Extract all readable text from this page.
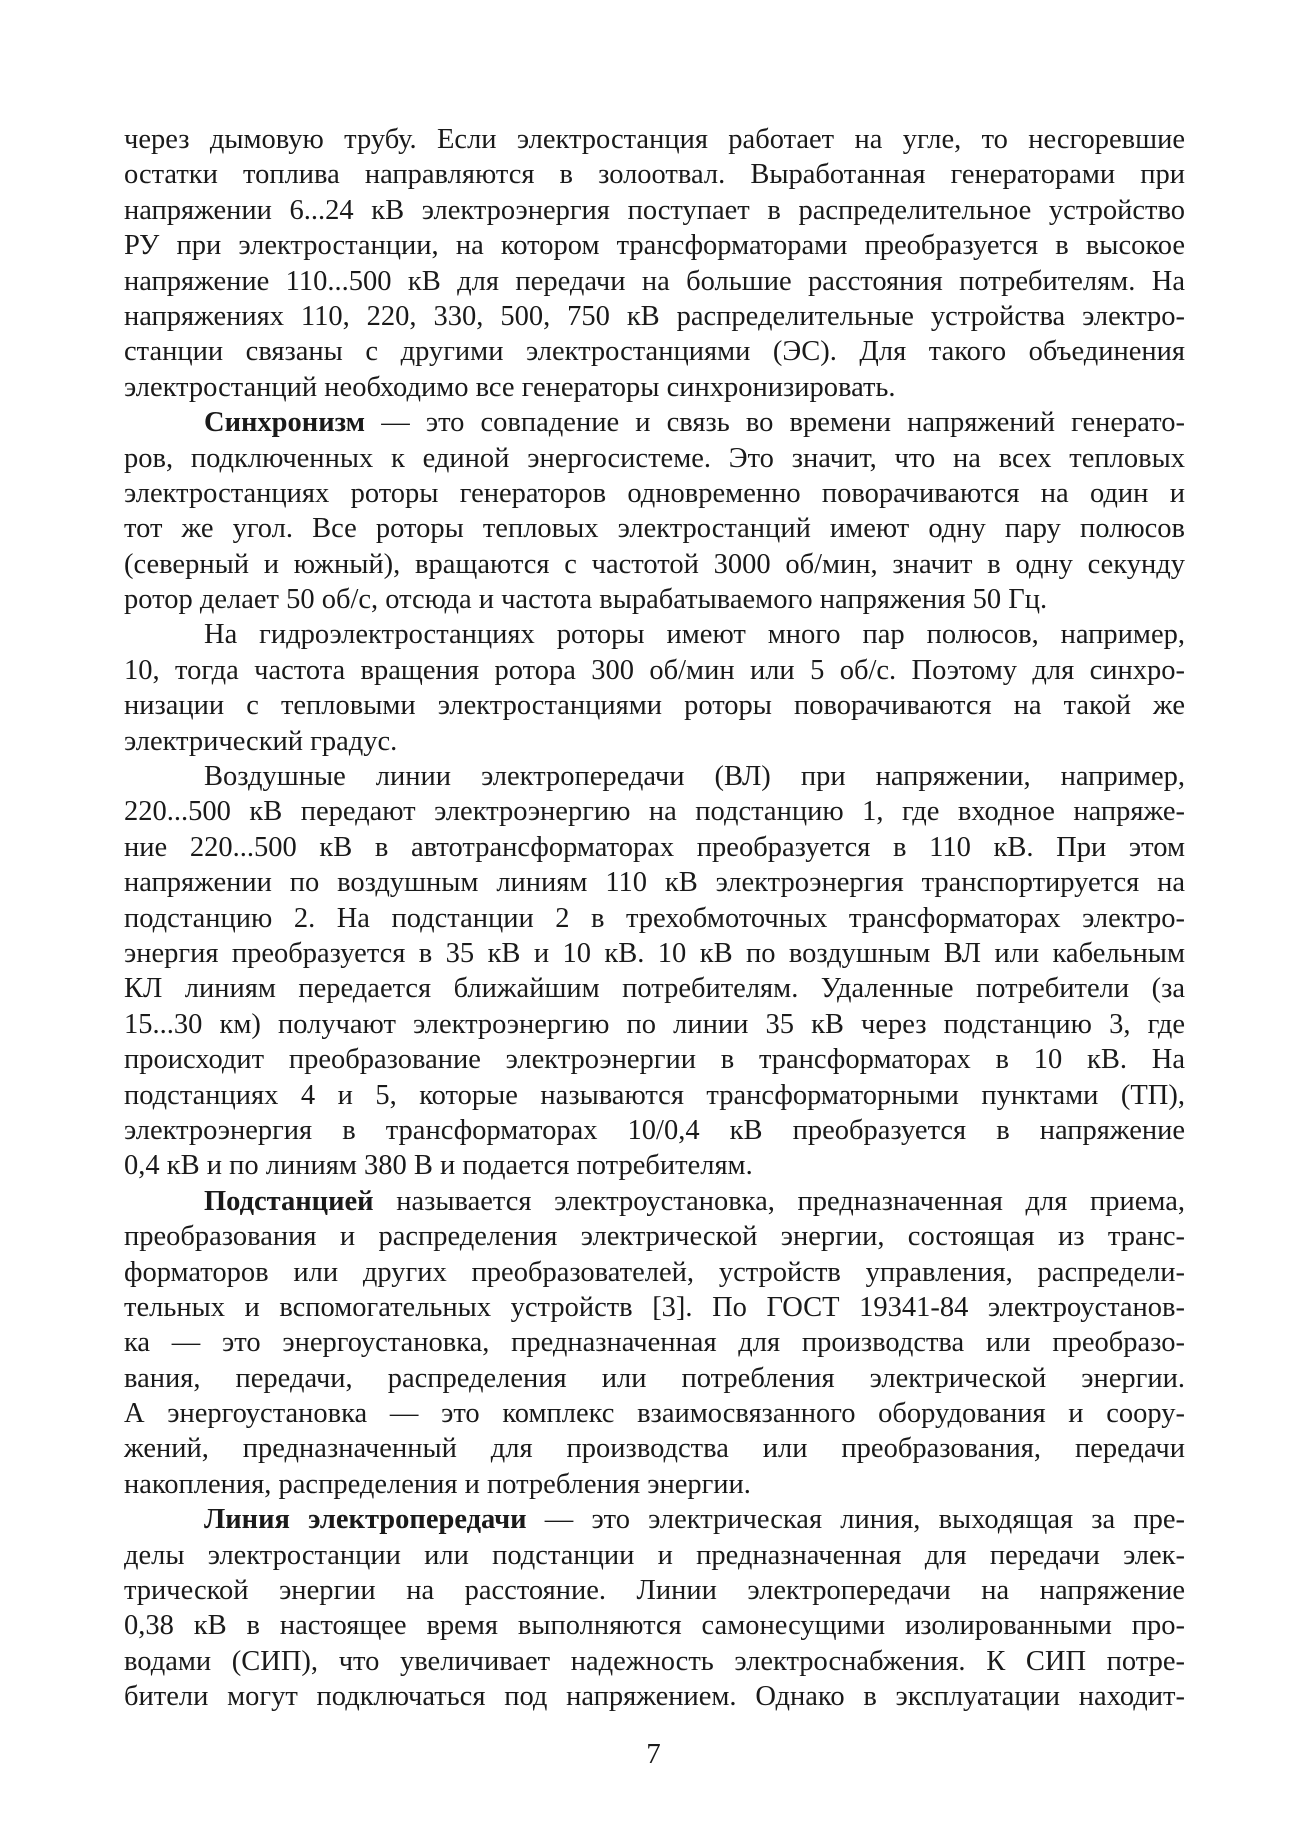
через дымовую трубу. Если электростанция работает на угле, то несгоревшие
остатки топлива направляются в золоотвал. Выработанная генераторами при
напряжении 6...24 кВ электроэнергия поступает в распределительное устройство
РУ при электростанции, на котором трансформаторами преобразуется в высокое
напряжение 110...500 кВ для передачи на большие расстояния потребителям. На
напряжениях 110, 220, 330, 500, 750 кВ распределительные устройства электро-
станции связаны с другими электростанциями (ЭС). Для такого объединения
электростанций необходимо все генераторы синхронизировать.
Синхронизм — это совпадение и связь во времени напряжений генерато-
ров, подключенных к единой энергосистеме. Это значит, что на всех тепловых
электростанциях роторы генераторов одновременно поворачиваются на один и
тот же угол. Все роторы тепловых электростанций имеют одну пару полюсов
(северный и южный), вращаются с частотой 3000 об/мин, значит в одну секунду
ротор делает 50 об/с, отсюда и частота вырабатываемого напряжения 50 Гц.
На гидроэлектростанциях роторы имеют много пар полюсов, например,
10, тогда частота вращения ротора 300 об/мин или 5 об/с. Поэтому для синхро-
низации с тепловыми электростанциями роторы поворачиваются на такой же
электрический градус.
Воздушные линии электропередачи (ВЛ) при напряжении, например,
220...500 кВ передают электроэнергию на подстанцию 1, где входное напряже-
ние 220...500 кВ в автотрансформаторах преобразуется в 110 кВ. При этом
напряжении по воздушным линиям 110 кВ электроэнергия транспортируется на
подстанцию 2. На подстанции 2 в трехобмоточных трансформаторах электро-
энергия преобразуется в 35 кВ и 10 кВ. 10 кВ по воздушным ВЛ или кабельным
КЛ линиям передается ближайшим потребителям. Удаленные потребители (за
15...30 км) получают электроэнергию по линии 35 кВ через подстанцию 3, где
происходит преобразование электроэнергии в трансформаторах в 10 кВ. На
подстанциях 4 и 5, которые называются трансформаторными пунктами (ТП),
электроэнергия в трансформаторах 10/0,4 кВ преобразуется в напряжение
0,4 кВ и по линиям 380 В и подается потребителям.
Подстанцией называется электроустановка, предназначенная для приема,
преобразования и распределения электрической энергии, состоящая из транс-
форматоров или других преобразователей, устройств управления, распредели-
тельных и вспомогательных устройств [3]. По ГОСТ 19341-84 электроустанов-
ка — это энергоустановка, предназначенная для производства или преобразо-
вания, передачи, распределения или потребления электрической энергии.
А энергоустановка — это комплекс взаимосвязанного оборудования и соору-
жений, предназначенный для производства или преобразования, передачи
накопления, распределения и потребления энергии.
Линия электропередачи — это электрическая линия, выходящая за пре-
делы электростанции или подстанции и предназначенная для передачи элек-
трической энергии на расстояние. Линии электропередачи на напряжение
0,38 кВ в настоящее время выполняются самонесущими изолированными про-
водами (СИП), что увеличивает надежность электроснабжения. К СИП потре-
бители могут подключаться под напряжением. Однако в эксплуатации находит-
7
